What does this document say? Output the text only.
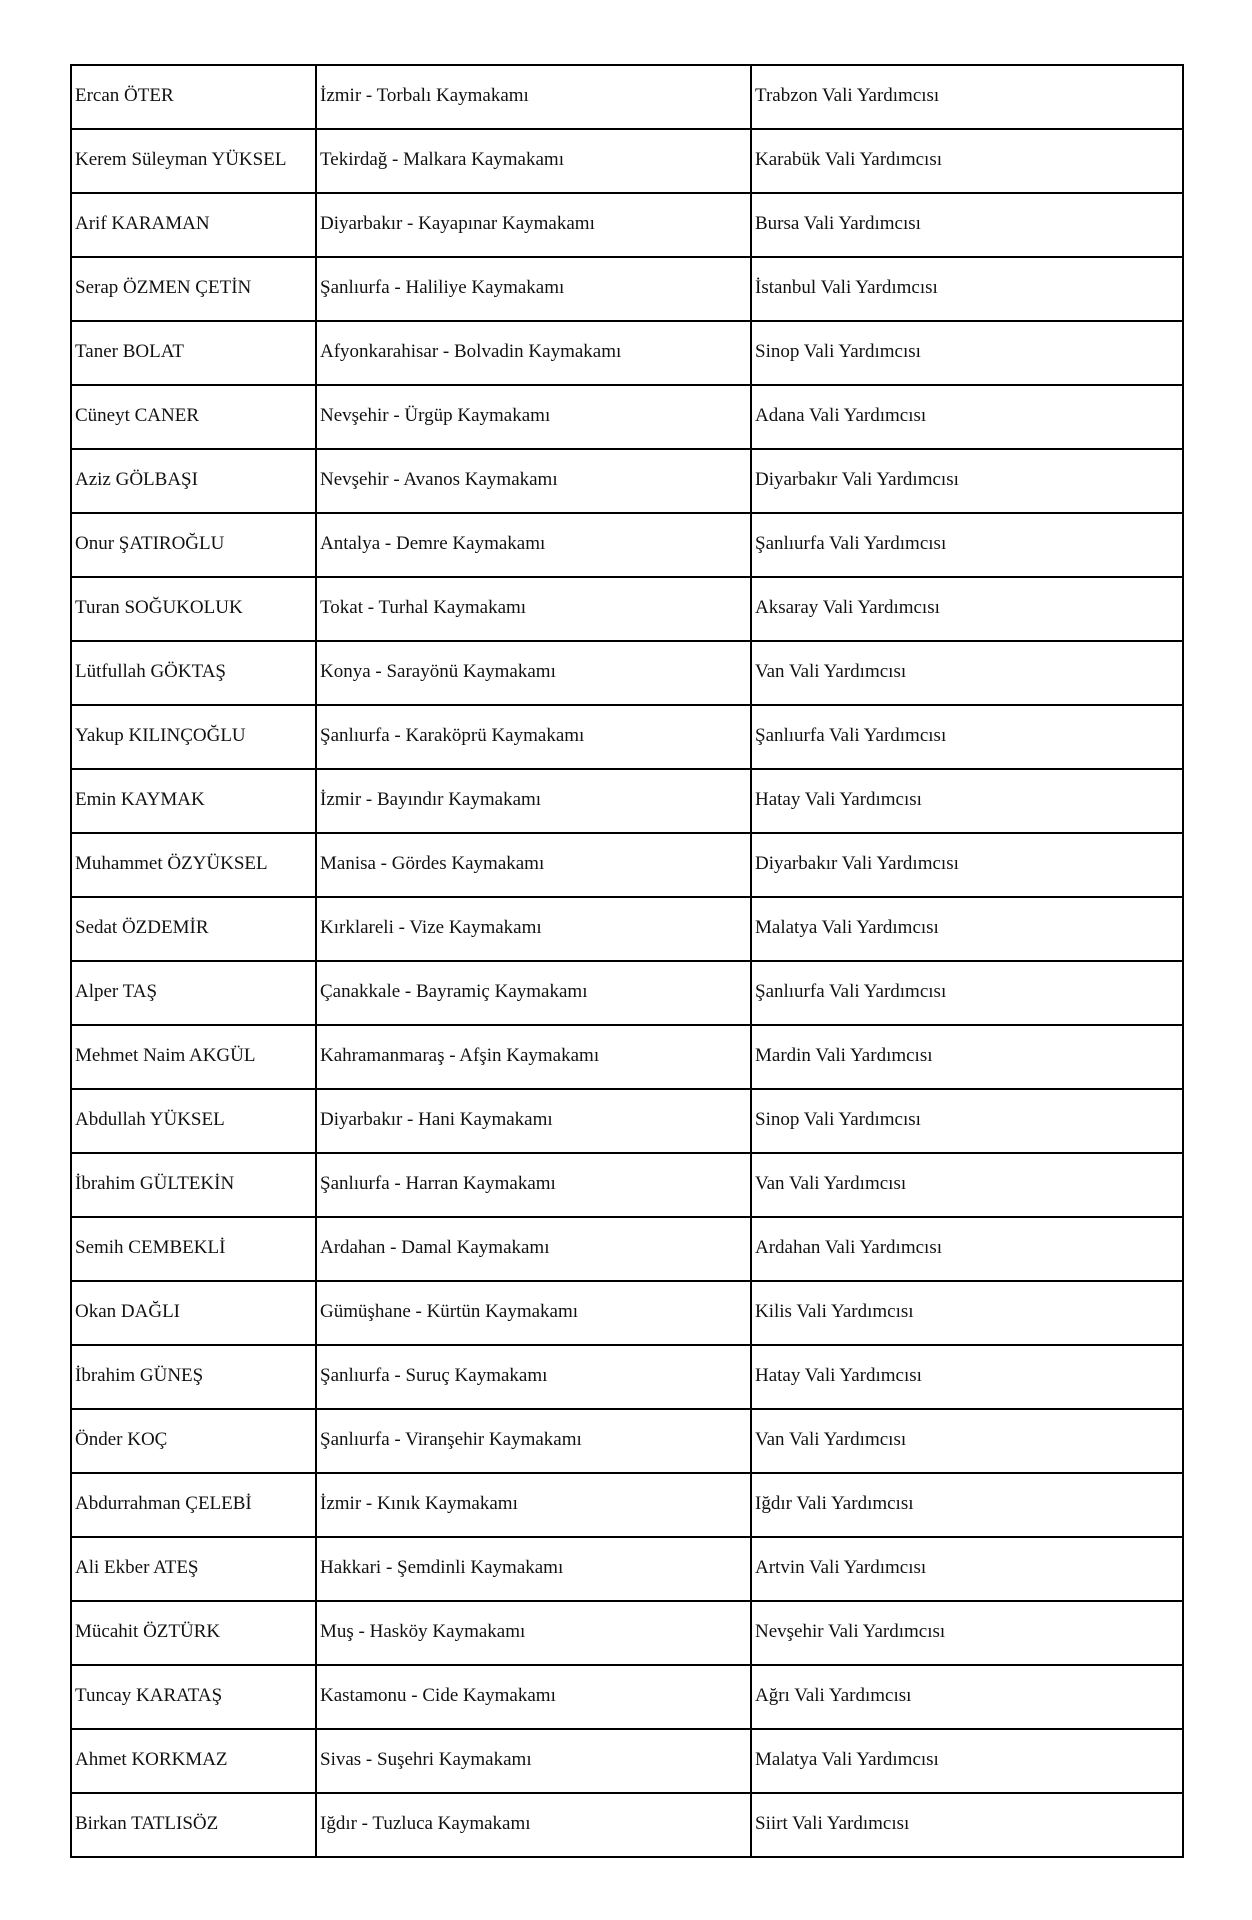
Ercan ÖTER	İzmir - Torbalı Kaymakamı	Trabzon Vali Yardımcısı

Kerem Süleyman YÜKSEL	Tekirdağ - Malkara Kaymakamı	Karabük Vali Yardımcısı

Arif KARAMAN	Diyarbakır - Kayapınar Kaymakamı	Bursa Vali Yardımcısı

Serap ÖZMEN ÇETİN	Şanlıurfa - Haliliye Kaymakamı	İstanbul Vali Yardımcısı

Taner BOLAT	Afyonkarahisar - Bolvadin Kaymakamı	Sinop Vali Yardımcısı

Cüneyt CANER	Nevşehir - Ürgüp Kaymakamı	Adana Vali Yardımcısı

Aziz GÖLBAŞI	Nevşehir - Avanos Kaymakamı	Diyarbakır Vali Yardımcısı

Onur ŞATIROĞLU	Antalya - Demre Kaymakamı	Şanlıurfa Vali Yardımcısı

Turan SOĞUKOLUK	Tokat - Turhal Kaymakamı	Aksaray Vali Yardımcısı

Lütfullah GÖKTAŞ	Konya - Sarayönü Kaymakamı	Van Vali Yardımcısı

Yakup KILINÇOĞLU	Şanlıurfa - Karaköprü Kaymakamı	Şanlıurfa Vali Yardımcısı

Emin KAYMAK	İzmir - Bayındır Kaymakamı	Hatay Vali Yardımcısı

Muhammet ÖZYÜKSEL	Manisa - Gördes Kaymakamı	Diyarbakır Vali Yardımcısı

Sedat ÖZDEMİR	Kırklareli - Vize Kaymakamı	Malatya Vali Yardımcısı

Alper TAŞ	Çanakkale - Bayramiç Kaymakamı	Şanlıurfa Vali Yardımcısı

Mehmet Naim AKGÜL	Kahramanmaraş - Afşin Kaymakamı	Mardin Vali Yardımcısı

Abdullah YÜKSEL	Diyarbakır - Hani Kaymakamı	Sinop Vali Yardımcısı

İbrahim GÜLTEKİN	Şanlıurfa - Harran Kaymakamı	Van Vali Yardımcısı

Semih CEMBEKLİ	Ardahan - Damal Kaymakamı	Ardahan Vali Yardımcısı

Okan DAĞLI	Gümüşhane - Kürtün Kaymakamı	Kilis Vali Yardımcısı

İbrahim GÜNEŞ	Şanlıurfa - Suruç Kaymakamı	Hatay Vali Yardımcısı

Önder KOÇ	Şanlıurfa - Viranşehir Kaymakamı	Van Vali Yardımcısı

Abdurrahman ÇELEBİ	İzmir - Kınık Kaymakamı	Iğdır Vali Yardımcısı

Ali Ekber ATEŞ	Hakkari - Şemdinli Kaymakamı	Artvin Vali Yardımcısı

Mücahit ÖZTÜRK	Muş - Hasköy Kaymakamı	Nevşehir Vali Yardımcısı

Tuncay KARATAŞ	Kastamonu - Cide Kaymakamı	Ağrı Vali Yardımcısı

Ahmet KORKMAZ	Sivas - Suşehri Kaymakamı	Malatya Vali Yardımcısı

Birkan TATLISÖZ	Iğdır - Tuzluca Kaymakamı	Siirt Vali Yardımcısı
